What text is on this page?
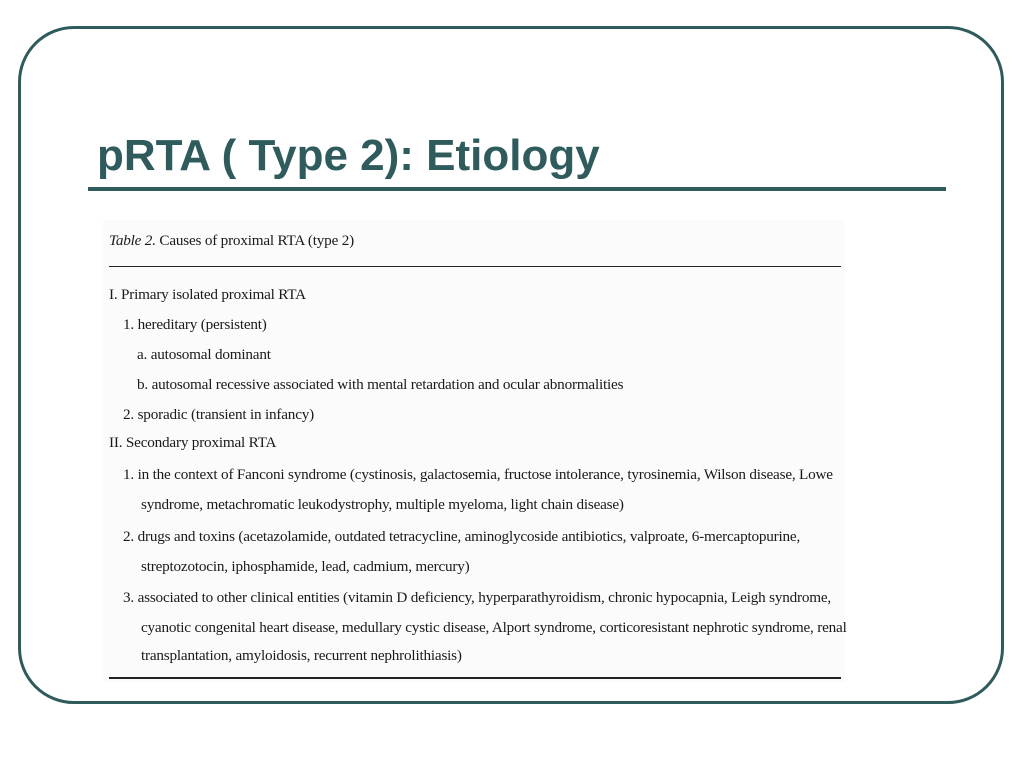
pRTA ( Type 2): Etiology
Table 2. Causes of proximal RTA (type 2)
I. Primary isolated proximal RTA
1. hereditary (persistent)
a. autosomal dominant
b. autosomal recessive associated with mental retardation and ocular abnormalities
2. sporadic (transient in infancy)
II. Secondary proximal RTA
1. in the context of Fanconi syndrome (cystinosis, galactosemia, fructose intolerance, tyrosinemia, Wilson disease, Lowe
syndrome, metachromatic leukodystrophy, multiple myeloma, light chain disease)
2. drugs and toxins (acetazolamide, outdated tetracycline, aminoglycoside antibiotics, valproate, 6-mercaptopurine,
streptozotocin, iphosphamide, lead, cadmium, mercury)
3. associated to other clinical entities (vitamin D deficiency, hyperparathyroidism, chronic hypocapnia, Leigh syndrome,
cyanotic congenital heart disease, medullary cystic disease, Alport syndrome, corticoresistant nephrotic syndrome, renal
transplantation, amyloidosis, recurrent nephrolithiasis)
